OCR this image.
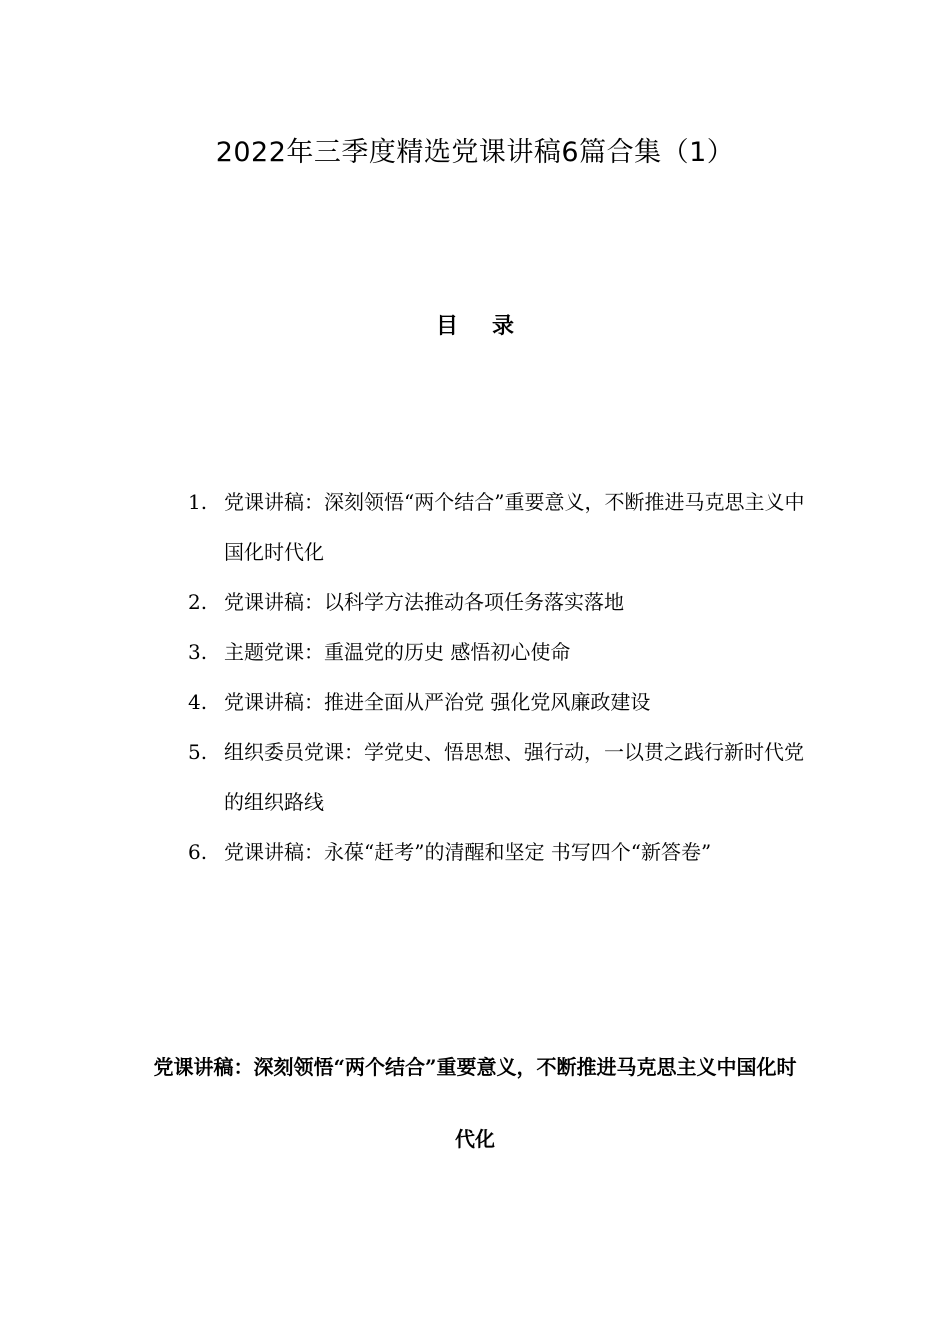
2022年三季度精选党课讲稿6篇合集（1）
目 录
1. 党课讲稿：深刻领悟“两个结合”重要意义，不断推进马克思主义中国化时代化
2. 党课讲稿：以科学方法推动各项任务落实落地
3. 主题党课：重温党的历史 感悟初心使命
4. 党课讲稿：推进全面从严治党 强化党风廉政建设
5. 组织委员党课：学党史、悟思想、强行动，一以贯之践行新时代党的组织路线
6. 党课讲稿：永葆“赶考”的清醒和坚定 书写四个“新答卷”
党课讲稿：深刻领悟“两个结合”重要意义，不断推进马克思主义中国化时代化
